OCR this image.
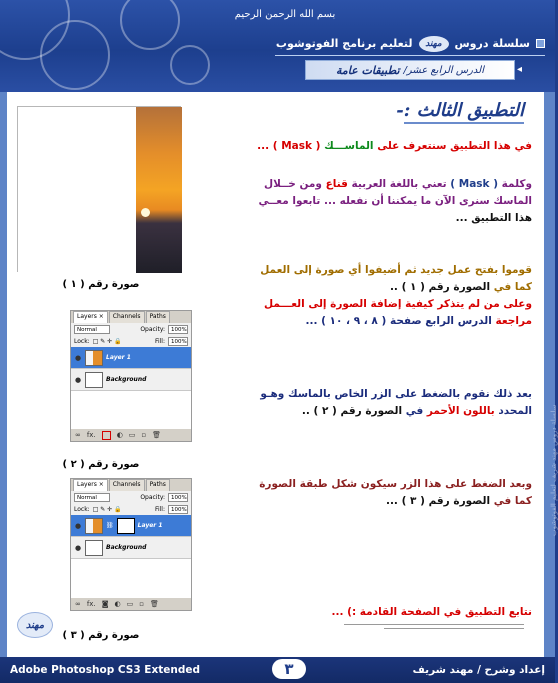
بسم الله الرحمن الرحيم
لتعليم برنامج الفوتوشوب	مهند	سلسلة دروس
الدرس الرابع عشر/
تطبيقات عامة	◂
سلسلة دروس مهند شريف لتعليم الفوتوشوب
صورة رقم ( ١ )
Layers ×	Channels	Paths
Normal	Opacity:	100%
Lock: □ ✎ ✛ 🔒	Fill:	100%
●	Layer 1
●	Background
∞ fx.	◐ ▭ ▫ 🗑
صورة رقم ( ٢ )
Layers ×	Channels	Paths
Normal	Opacity:	100%
Lock: □ ✎ ✛ 🔒	Fill:	100%
●	⛓	Layer 1
●	Background
∞ fx. ◙ ◐ ▭ ▫ 🗑
صورة رقم ( ٣ )
مهند
التطبيق الثالث :-
في هذا التطبيق سنتعرف على الماســـك ( Mask ) ...
وكلمة ( Mask ) تعني باللغة العربية قناع ومن خــلال
الماسك سنرى الآن ما يمكننا أن نفعله ... تابعوا معــي
هذا التطبيق ...
قوموا بفتح عمل جديد ثم أضيفوا أي صورة إلى العمل
كما في الصورة رقم ( ١ ) ..
وعلى من لم يتذكر كيفية إضافة الصورة إلى العـــمل
مراجعة الدرس الرابع صفحة ( ٨ ، ٩ ، ١٠ ) ...
بعد ذلك نقوم بالضغط على الزر الخاص بالماسك وهـو
المحدد باللون الأحمر في الصورة رقم ( ٢ ) ..
وبعد الضغط على هذا الزر سيكون شكل طبقة الصورة
كما في الصورة رقم ( ٣ ) ...
نتابع التطبيق في الصفحة القادمة :) ...
Adobe Photoshop CS3 Extended	إعداد وشرح / مهند شريف
٣
